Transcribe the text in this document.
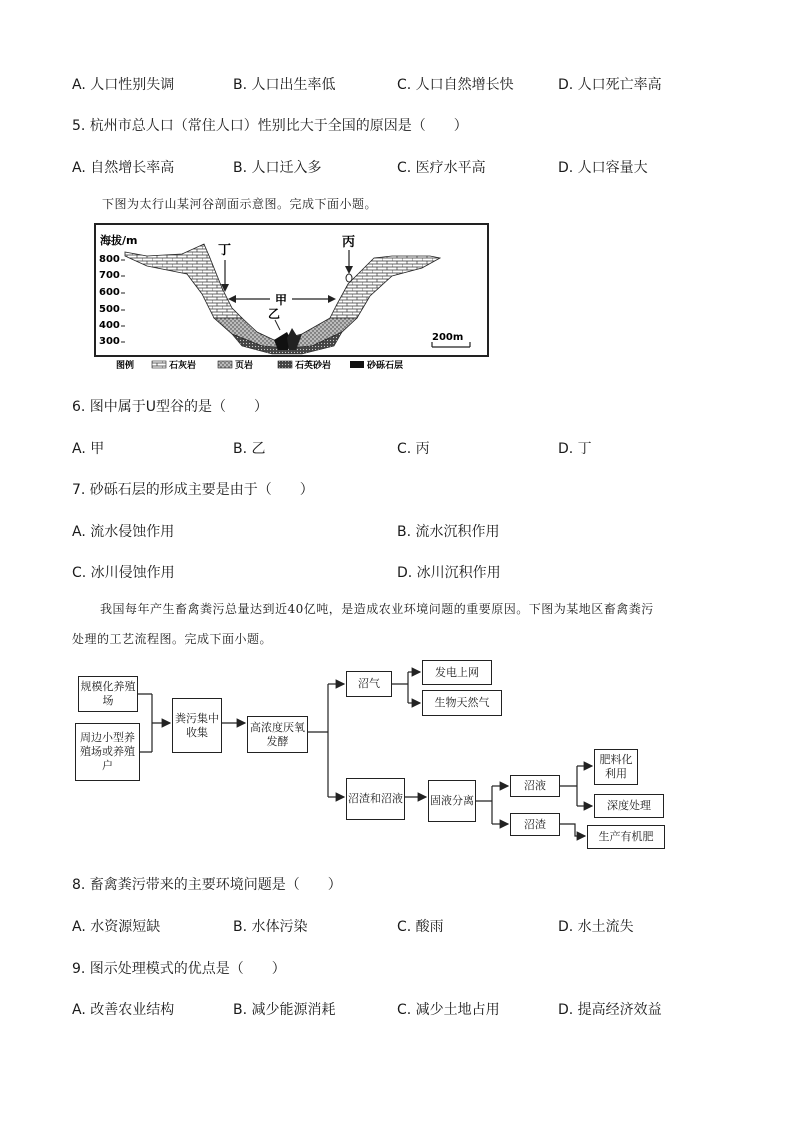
A. 人口性别失调	B. 人口出生率低	C. 人口自然增长快	D. 人口死亡率高
5. 杭州市总人口（常住人口）性别比大于全国的原因是（　　）
A. 自然增长率高	B. 人口迁入多	C. 医疗水平高	D. 人口容量大
下图为太行山某河谷剖面示意图。完成下面小题。
海拔/m
800
700
600
500
400
300
丁
丙
甲
乙
200m
图例	石灰岩	页岩	石英砂岩	砂砾石层
6. 图中属于U型谷的是（　　）
A. 甲	B. 乙	C. 丙	D. 丁
7. 砂砾石层的形成主要是由于（　　）
A. 流水侵蚀作用	B. 流水沉积作用
C. 冰川侵蚀作用	D. 冰川沉积作用
我国每年产生畜禽粪污总量达到近40亿吨，是造成农业环境问题的重要原因。下图为某地区畜禽粪污
处理的工艺流程图。完成下面小题。
规模化养殖场
周边小型养殖场或养殖户
粪污集中收集	高浓度厌氧发酵
沼气
发电上网
生物天然气
沼渣和沼液 固液分离
沼液
沼渣
肥料化利用
深度处理
生产有机肥
8. 畜禽粪污带来的主要环境问题是（　　）
A. 水资源短缺	B. 水体污染	C. 酸雨	D. 水土流失
9. 图示处理模式的优点是（　　）
A. 改善农业结构	B. 减少能源消耗	C. 减少土地占用	D. 提高经济效益
